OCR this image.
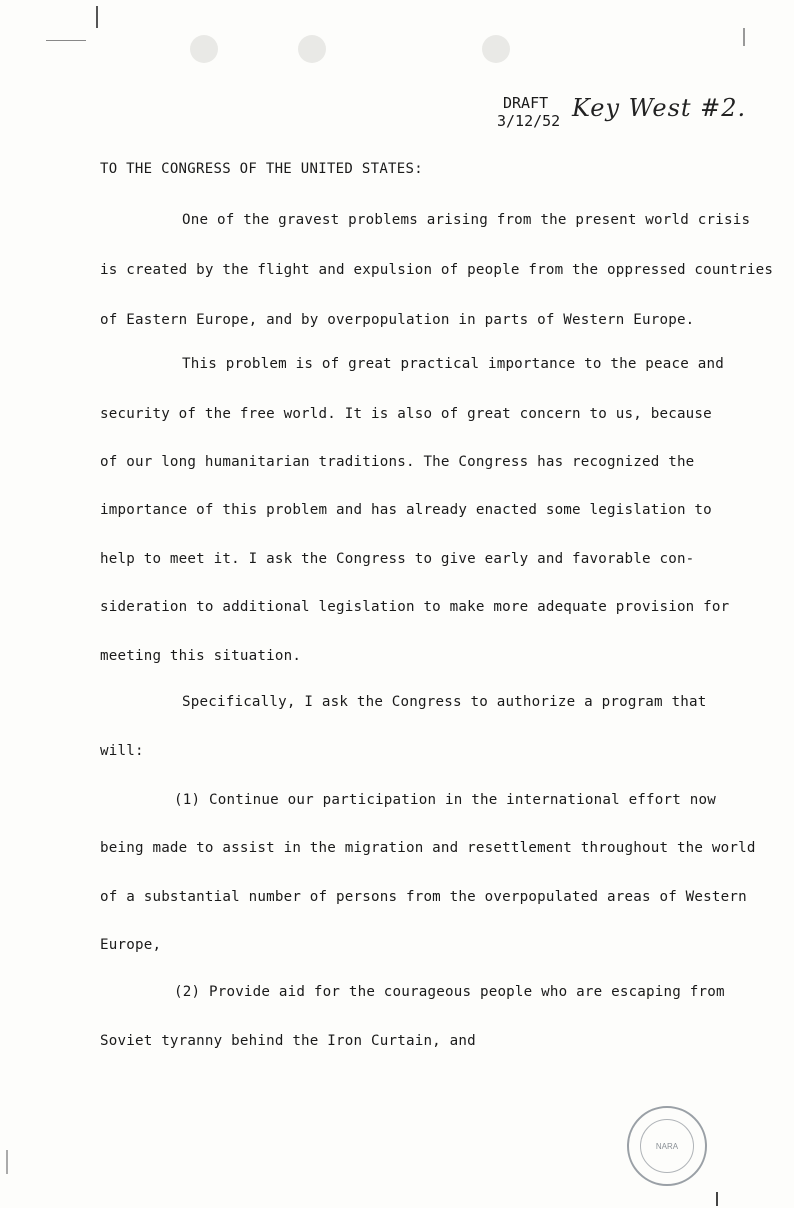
DRAFT
3/12/52 Key West #2.
TO THE CONGRESS OF THE UNITED STATES:
One of the gravest problems arising from the present world crisis
is created by the flight and expulsion of people from the oppressed countries
of Eastern Europe, and by overpopulation in parts of Western Europe.
This problem is of great practical importance to the peace and
security of the free world. It is also of great concern to us, because
of our long humanitarian traditions. The Congress has recognized the
importance of this problem and has already enacted some legislation to
help to meet it. I ask the Congress to give early and favorable con-
sideration to additional legislation to make more adequate provision for
meeting this situation.
Specifically, I ask the Congress to authorize a program that
will:
(1) Continue our participation in the international effort now
being made to assist in the migration and resettlement throughout the world
of a substantial number of persons from the overpopulated areas of Western
Europe,
(2) Provide aid for the courageous people who are escaping from
Soviet tyranny behind the Iron Curtain, and
NARA
